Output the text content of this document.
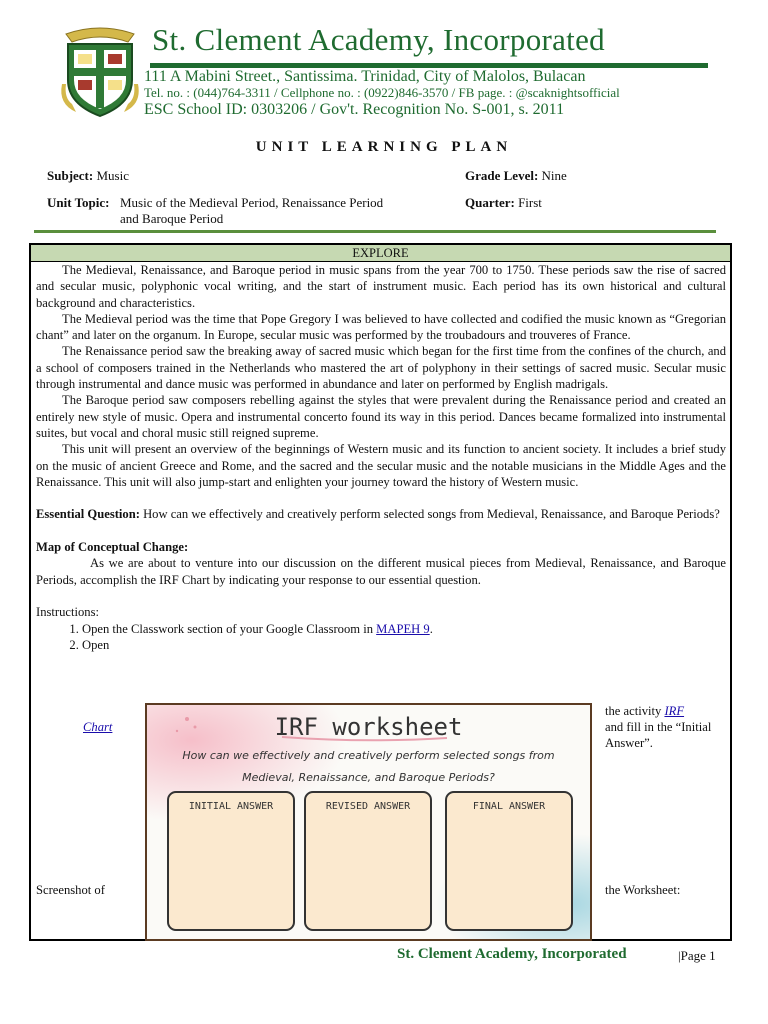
St. Clement Academy, Incorporated
111 A Mabini Street., Santissima. Trinidad, City of Malolos, Bulacan
Tel. no. : (044)764-3311 / Cellphone no. : (0922)846-3570 / FB page. : @scaknightsofficial
ESC School ID: 0303206 / Gov't. Recognition No. S-001, s. 2011
UNIT LEARNING PLAN
Subject: Music	Grade Level: Nine
Unit Topic: Music of the Medieval Period, Renaissance Period
and Baroque Period
Quarter: First
EXPLORE

The Medieval, Renaissance, and Baroque period in music spans from the year 700 to 1750. These periods saw the rise of sacred and secular music, polyphonic vocal writing, and the start of instrument music. Each period has its own historical and cultural background and characteristics.

The Medieval period was the time that Pope Gregory I was believed to have collected and codified the music known as “Gregorian chant” and later on the organum. In Europe, secular music was performed by the troubadours and trouveres of France.

The Renaissance period saw the breaking away of sacred music which began for the first time from the confines of the church, and a school of composers trained in the Netherlands who mastered the art of polyphony in their settings of sacred music. Secular music through instrumental and dance music was performed in abundance and later on performed by English madrigals.

The Baroque period saw composers rebelling against the styles that were prevalent during the Renaissance period and created an entirely new style of music. Opera and instrumental concerto found its way in this period. Dances became formalized into instrumental suites, but vocal and choral music still reigned supreme.

This unit will present an overview of the beginnings of Western music and its function to ancient society. It includes a brief study on the music of ancient Greece and Rome, and the sacred and the secular music and the notable musicians in the Middle Ages and the Renaissance. This unit will also jump-start and enlighten your journey toward the history of Western music.

Essential Question: How can we effectively and creatively perform selected songs from Medieval, Renaissance, and Baroque Periods?

Map of Conceptual Change:

As we are about to venture into our discussion on the different musical pieces from Medieval, Renaissance, and Baroque Periods, accomplish the IRF Chart by indicating your response to our essential question.

Instructions:

1. Open the Classwork section of your Google Classroom in MAPEH 9.
2. Open
Chart
the activity IRF
and fill in the “Initial
Answer”.
Screenshot of	the Worksheet:
IRF worksheet
How can we effectively and creatively perform selected songs from
Medieval, Renaissance, and Baroque Periods?
INITIAL ANSWER	REVISED ANSWER	FINAL ANSWER
St. Clement Academy, Incorporated	|Page 1
